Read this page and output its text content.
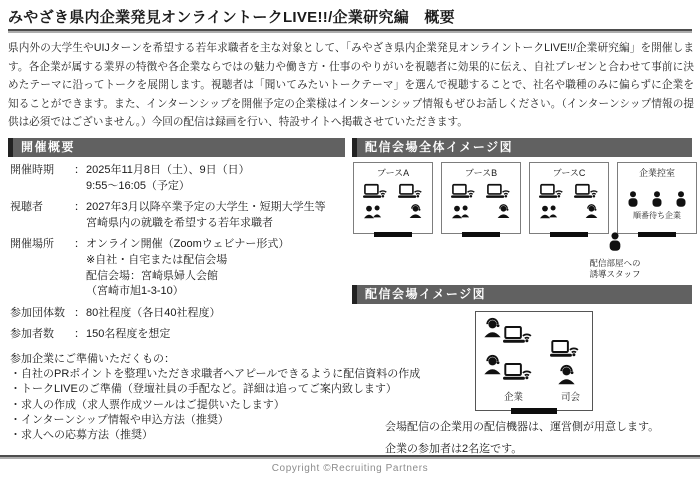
みやざき県内企業発見オンライントークLIVE!!/企業研究編　概要
県内外の大学生やUIJターンを希望する若年求職者を主な対象として、「みやざき県内企業発見オンライントークLIVE!!/企業研究編」を開催します。各企業が属する業界の特徴や各企業ならではの魅力や働き方・仕事のやりがいを視聴者に効果的に伝え、自社プレゼンと合わせて事前に決めたテーマに沿ってトークを展開します。視聴者は「聞いてみたいトークテーマ」を選んで視聴することで、社名や職種のみに偏らずに企業を知ることができます。また、インターンシップを開催予定の企業様はインターンシップ情報もぜひお話しください。（インターンシップ情報の提供は必須ではございません。）今回の配信は録画を行い、特設サイトへ掲載させていただきます。
開催概要
開催時期 ：2025年11月8日（土）、9日（日）
9:55～16:05（予定）
視聴者	：2027年3月以降卒業予定の大学生・短期大学生等
宮崎県内の就職を希望する若年求職者
開催場所 ：オンライン開催（Zoomウェビナー形式）
※自社・自宅または配信会場
配信会場：宮崎県婦人会館
（宮崎市旭1-3-10）
参加団体数 ：80社程度（各日40社程度）
参加者数 ：150名程度を想定
参加企業にご準備いただくもの：
・自社のPRポイントを整理いただき求職者へアピールできるように配信資料の作成
・トークLIVEのご準備（登壇社員の手配など。詳細は追ってご案内致します）
・求人の作成（求人票作成ツールはご提供いたします）
・インターンシップ情報や申込方法（推奨）
・求人への応募方法（推奨）
配信会場全体イメージ図
ブースA	ブースB	ブースC	企業控室
順番待ち企業
配信部屋への
誘導スタッフ
配信会場イメージ図
企業	司会
会場配信の企業用の配信機器は、運営側が用意します。
企業の参加者は2名迄です。
Copyright ©Recruiting Partners
